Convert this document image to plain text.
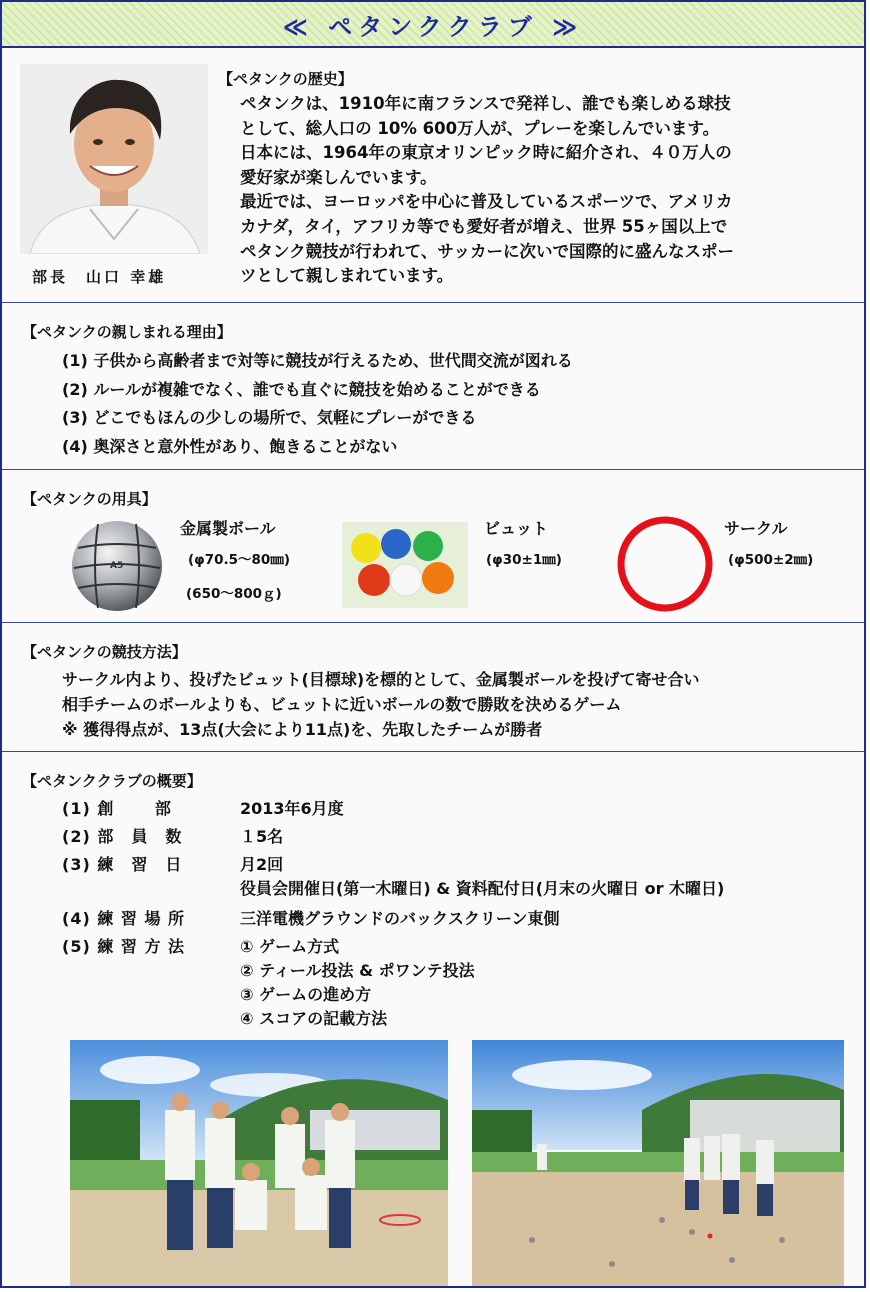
≪ ペタンククラブ ≫
【ペタンクの歴史】
ペタンクは、1910年に南フランスで発祥し、誰でも楽しめる球技
として、総人口の 10% 600万人が、プレーを楽しんでいます。
日本には、1964年の東京オリンピック時に紹介され、４０万人の
愛好家が楽しんでいます。
最近では、ヨーロッパを中心に普及しているスポーツで、アメリカ
カナダ，タイ，アフリカ等でも愛好者が増え、世界 55ヶ国以上で
ペタンク競技が行われて、サッカーに次いで国際的に盛んなスポー
ツとして親しまれています。
部長　山口 幸雄
【ペタンクの親しまれる理由】
(1) 子供から高齢者まで対等に競技が行えるため、世代間交流が図れる
(2) ルールが複雑でなく、誰でも直ぐに競技を始めることができる
(3) どこでもほんの少しの場所で、気軽にプレーができる
(4) 奥深さと意外性があり、飽きることがない
【ペタンクの用具】
A5
金属製ボール
(φ70.5～80㎜)
(650～800ｇ)
ビュット
(φ30±1㎜)
サークル
(φ500±2㎜)
【ペタンクの競技方法】
サークル内より、投げたビュット(目標球)を標的として、金属製ボールを投げて寄せ合い
相手チームのボールよりも、ビュットに近いボールの数で勝敗を決めるゲーム
※ 獲得得点が、13点(大会により11点)を、先取したチームが勝者
【ペタンククラブの概要】
(1) 創　　 部	2013年6月度
(2) 部　員　数	１5名
(3) 練　習　日	月2回
役員会開催日(第一木曜日) & 資料配付日(月末の火曜日 or 木曜日)
(4) 練 習 場 所	三洋電機グラウンドのバックスクリーン東側
(5) 練 習 方 法	① ゲーム方式
② ティール投法 & ポワンテ投法
③ ゲームの進め方
④ スコアの記載方法
